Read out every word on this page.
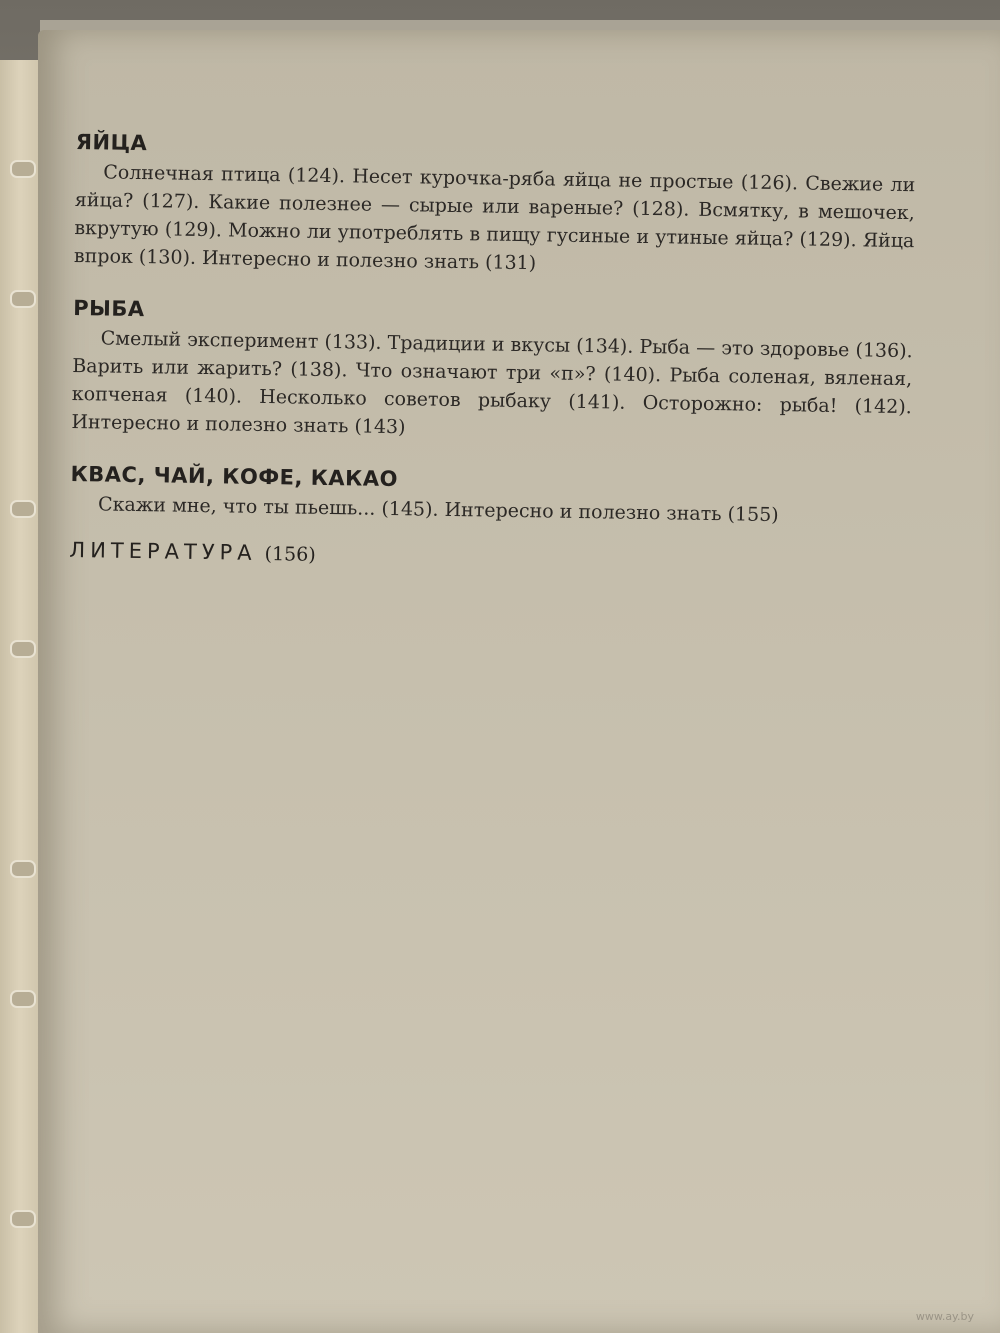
ЯЙЦА

Солнечная птица (124). Несет курочка-ряба яйца не простые (126). Свежие ли яйца? (127). Какие полезнее — сырые или вареные? (128). Всмятку, в мешочек, вкрутую (129). Можно ли употреблять в пищу гусиные и утиные яйца? (129). Яйца впрок (130). Интересно и полезно знать (131)

РЫБА

Смелый эксперимент (133). Традиции и вкусы (134). Рыба — это здоровье (136). Варить или жарить? (138). Что означают три «п»? (140). Рыба соленая, вяленая, копченая (140). Несколько советов рыбаку (141). Осторожно: рыба! (142). Интересно и полезно знать (143)

КВАС, ЧАЙ, КОФЕ, КАКАО

Скажи мне, что ты пьешь... (145). Интересно и полезно знать (155)

ЛИТЕРАТУРА (156)
www.ay.by
